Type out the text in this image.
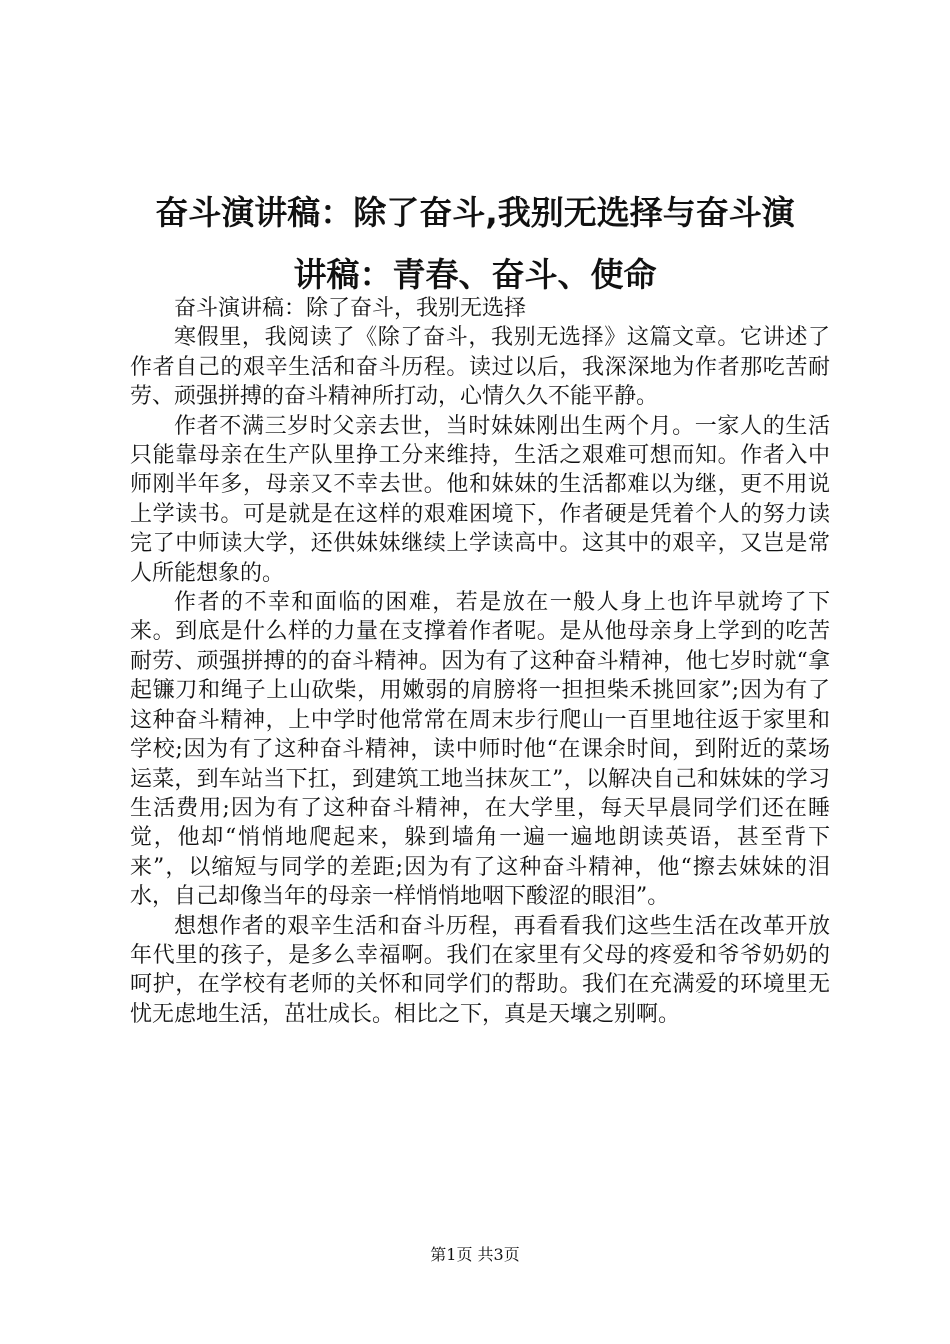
奋斗演讲稿：除了奋斗,我别无选择与奋斗演
讲稿：青春、奋斗、使命

奋斗演讲稿：除了奋斗，我别无选择

寒假里，我阅读了《除了奋斗，我别无选择》这篇文章。它讲述了作者自己的艰辛生活和奋斗历程。读过以后，我深深地为作者那吃苦耐劳、顽强拼搏的奋斗精神所打动，心情久久不能平静。

作者不满三岁时父亲去世，当时妹妹刚出生两个月。一家人的生活只能靠母亲在生产队里挣工分来维持，生活之艰难可想而知。作者入中师刚半年多，母亲又不幸去世。他和妹妹的生活都难以为继，更不用说上学读书。可是就是在这样的艰难困境下，作者硬是凭着个人的努力读完了中师读大学，还供妹妹继续上学读高中。这其中的艰辛，又岂是常人所能想象的。

作者的不幸和面临的困难，若是放在一般人身上也许早就垮了下来。到底是什么样的力量在支撑着作者呢。是从他母亲身上学到的吃苦耐劳、顽强拼搏的的奋斗精神。因为有了这种奋斗精神，他七岁时就“拿起镰刀和绳子上山砍柴，用嫩弱的肩膀将一担担柴禾挑回家”;因为有了这种奋斗精神，上中学时他常常在周末步行爬山一百里地往返于家里和学校;因为有了这种奋斗精神，读中师时他“在课余时间，到附近的菜场运菜，到车站当下扛，到建筑工地当抹灰工”，以解决自己和妹妹的学习生活费用;因为有了这种奋斗精神，在大学里，每天早晨同学们还在睡觉，他却“悄悄地爬起来，躲到墙角一遍一遍地朗读英语，甚至背下来”，以缩短与同学的差距;因为有了这种奋斗精神，他“擦去妹妹的泪水，自己却像当年的母亲一样悄悄地咽下酸涩的眼泪”。

想想作者的艰辛生活和奋斗历程，再看看我们这些生活在改革开放年代里的孩子，是多么幸福啊。我们在家里有父母的疼爱和爷爷奶奶的呵护，在学校有老师的关怀和同学们的帮助。我们在充满爱的环境里无忧无虑地生活，茁壮成长。相比之下，真是天壤之别啊。

第1页 共3页
